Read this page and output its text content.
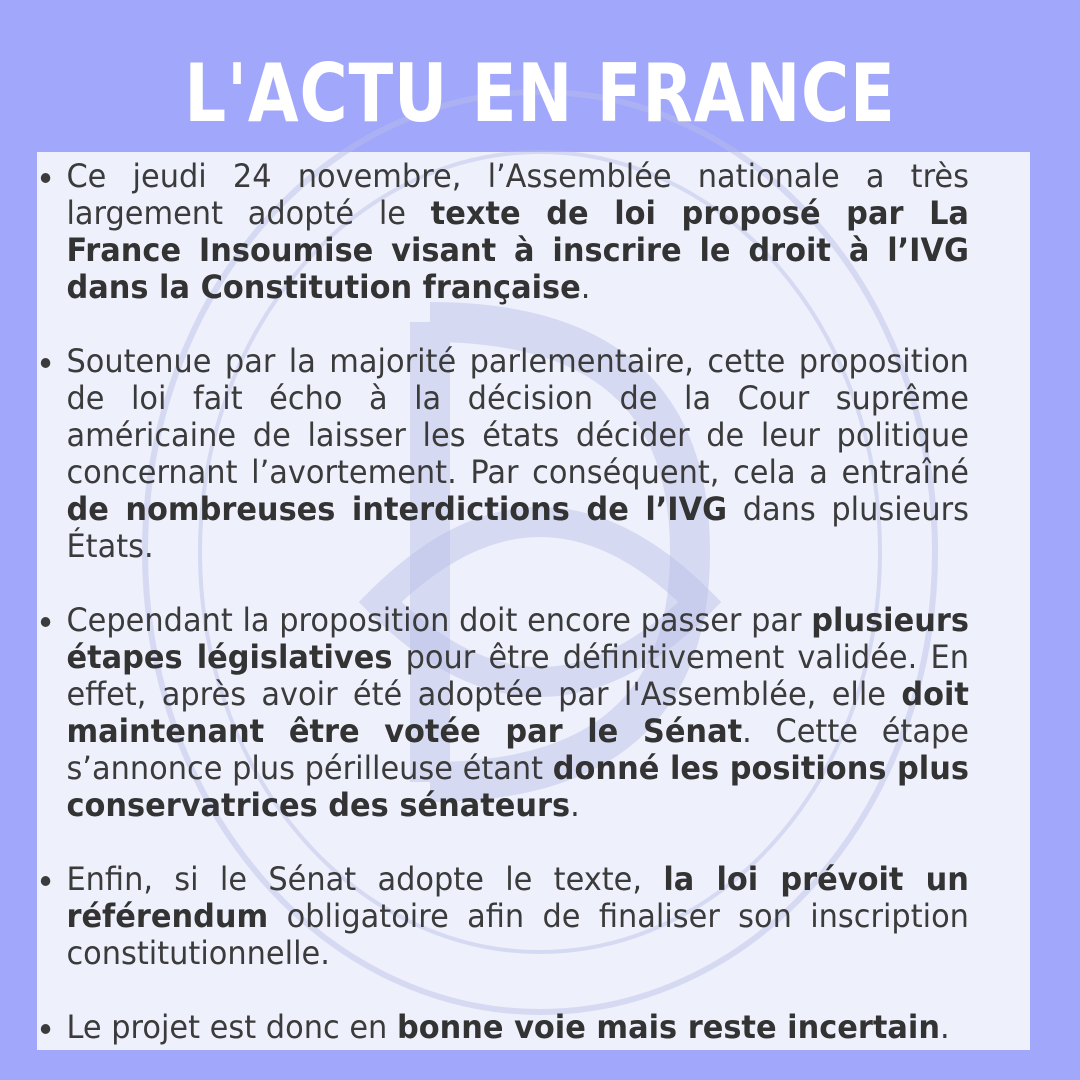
L'ACTU EN FRANCE
Ce jeudi 24 novembre, l’Assemblée nationale a très largement adopté le texte de loi proposé par La France Insoumise visant à inscrire le droit à l’IVG dans la Constitution française.
Soutenue par la majorité parlementaire, cette proposition de loi fait écho à la décision de la Cour suprême américaine de laisser les états décider de leur politique concernant l’avortement. Par conséquent, cela a entraîné de nombreuses interdictions de l’IVG dans plusieurs États.
Cependant la proposition doit encore passer par plusieurs étapes législatives pour être définitivement validée. En effet, après avoir été adoptée par l'Assemblée, elle doit maintenant être votée par le Sénat. Cette étape s’annonce plus périlleuse étant donné les positions plus conservatrices des sénateurs.
Enfin, si le Sénat adopte le texte, la loi prévoit un référendum obligatoire afin de finaliser son inscription constitutionnelle.
Le projet est donc en bonne voie mais reste incertain.
